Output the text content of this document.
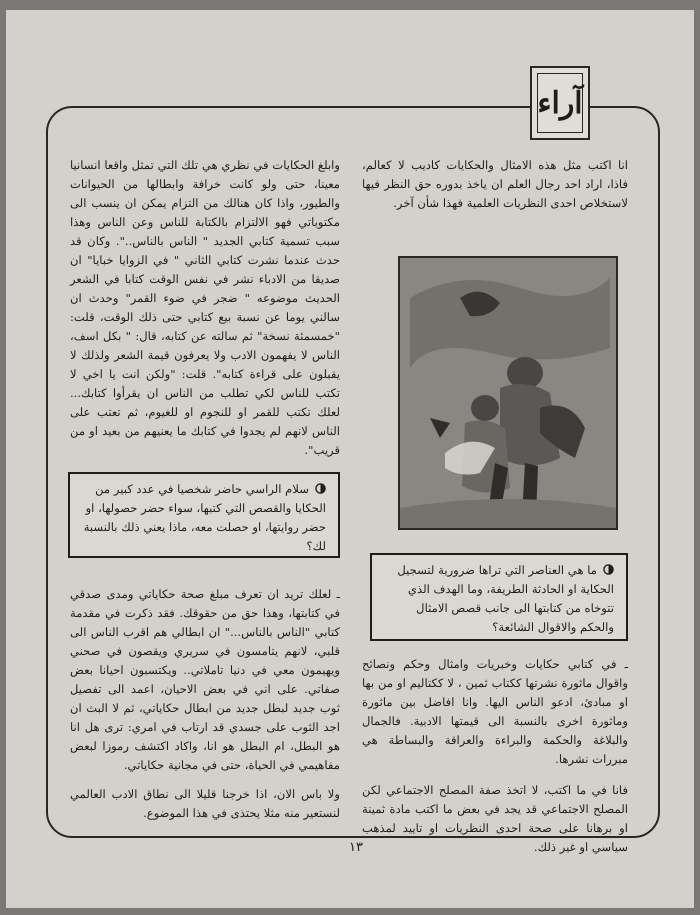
آراء

انا اكتب مثل هذه الامثال والحكايات كاديب لا كعالم، فاذا، اراد احد رجال العلم ان ياخذ بدوره حق النظر فيها لاستخلاص احدى النظريات العلمية فهذا شأن آخر.

ما هي العناصر التي تراها ضرورية لتسجيل الحكاية او الحادثة الطريفة، وما الهدف الذي تتوخاه من كتابتها الى جانب قصص الامثال والحكم والاقوال الشائعة؟

ـ في كتابي حكايات وخبريات وامثال وحكم ونصائح واقوال ماثورة نشرتها ككتاب ثمين ، لا ككتاليم او من بها او مبادئ، ادعو الناس اليها. وانا افاضل بين ماثورة وماثورة اخرى بالنسبة الى قيمتها الادبية. فالجمال والبلاغة والحكمة والبراءة والعراقة والبساطة هي مبررات نشرها.

فانا في ما اكتب، لا اتخذ صفة المصلح الاجتماعي لكن المصلح الاجتماعي قد يجد في بعض ما اكتب مادة ثمينة او برهانا على صحة احدى النظريات او تاييد لمذهب سياسي او غير ذلك.

وابلغ الحكايات في نظري هي تلك التي تمثل واقعا انسانيا معينا، حتى ولو كانت خرافة وابطالها من الحيوانات والطيور، واذا كان هنالك من التزام يمكن ان ينسب الى مكتوباتي فهو الالتزام بالكتابة للناس وعن الناس وهذا سبب تسمية كتابي الجديد " الناس بالناس..". وكان قد حدث عندما نشرت كتابي الثاني " في الزوايا خبايا" ان صديقا من الادباء نشر في نفس الوقت كتابا في الشعر الحديث موضوعه " ضجر في ضوء القمر" وحدث ان سالني يوما عن نسبة بيع كتابي حتى ذلك الوقت، قلت: "خمسمئة نسخة" ثم سالته عن كتابه، قال: " بكل اسف، الناس لا يفهمون الادب ولا يعرفون قيمة الشعر ولذلك لا يقبلون على قراءة كتابه". قلت: "ولكن انت يا اخي لا تكتب للناس لكي تطلب من الناس ان يقرأوا كتابك... لعلك تكتب للقمر او للنجوم او للغيوم، ثم تعتب على الناس لانهم لم يجدوا في كتابك ما يعنيهم من بعيد او من قريب".

سلام الراسي حاضر شخصيا في عدد كبير من الحكايا والقصص التي كتبها، سواء حضر حصولها، او حضر روايتها، او حصلت معه، ماذا يعني ذلك بالنسبة لك؟

ـ لعلك تريد ان تعرف مبلغ صحة حكاياتي ومدى صدقي في كتابتها، وهذا حق من حقوقك. فقد ذكرت في مقدمة كتابي "الناس بالناس..." ان ابطالي هم اقرب الناس الى قلبي، لانهم يتامسون في سريري ويقصون في صحني ويهيمون معي في دنيا تاملاتي.. ويكتسبون احيانا بعض صفاتي. على اني في بعض الاحيان، اعمد الى تفصيل ثوب جديد لبطل جديد من ابطال حكاياتي، ثم لا البث ان اجد الثوب على جسدي قد ارتاب في امري: ترى هل انا هو البطل، ام البطل هو انا، واكاد اكتشف رموزا لبعض مفاهيمي في الحياة، حتى في مجانية حكاياتي.

ولا باس الان، اذا خرجنا قليلا الى نطاق الادب العالمي لنستعير منه مثلا يحتذى في هذا الموضوع.

١٣
